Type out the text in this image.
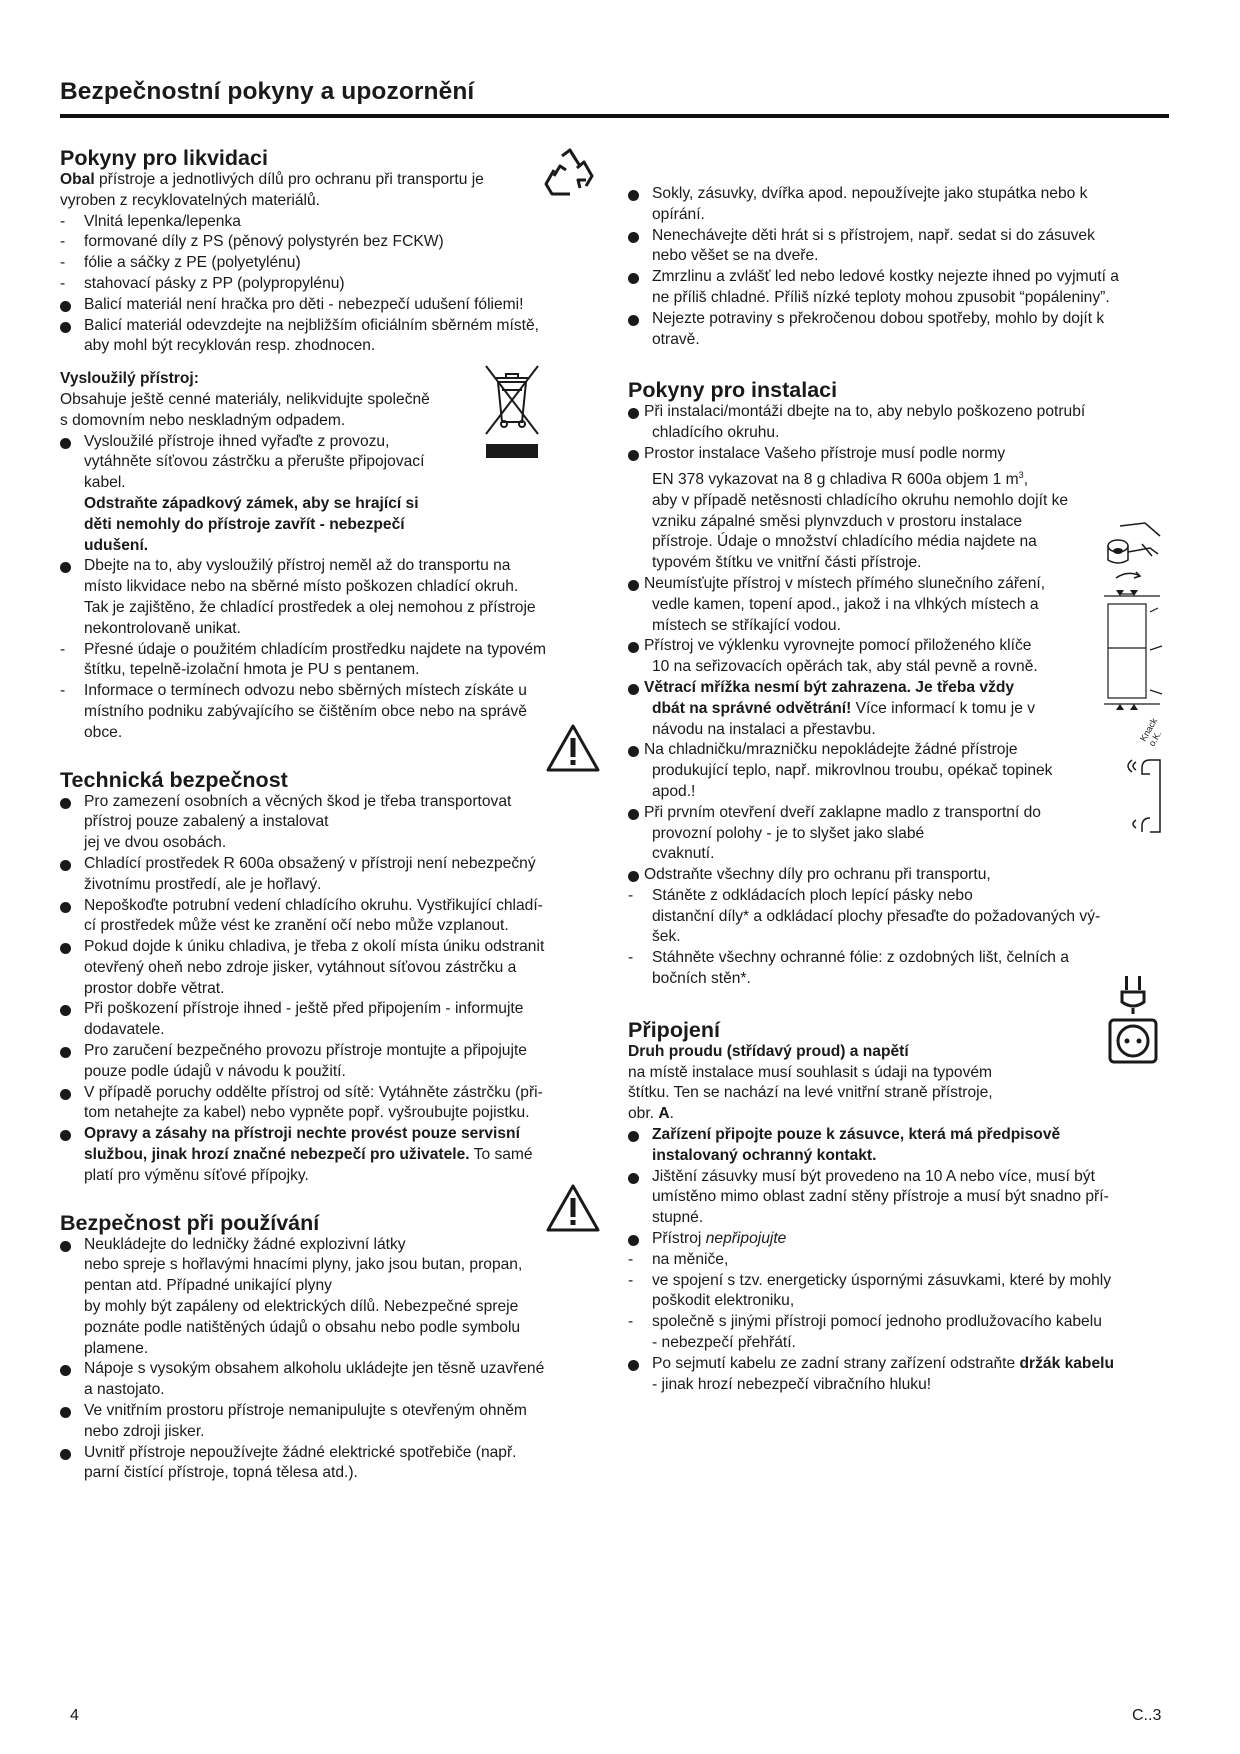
Bezpečnostní pokyny a upozornění
Pokyny pro likvidaci
Obal přístroje a jednotlivých dílů pro ochranu při transportu je
vyroben z recyklovatelných materiálů.
- Vlnitá lepenka/lepenka
- formované díly z PS (pěnový polystyrén bez FCKW)
- fólie a sáčky z PE (polyetylénu)
- stahovací pásky z PP (polypropylénu)
Balicí materiál není hračka pro děti - nebezpečí udušení fóliemi!
Balicí materiál odevzdejte na nejbližším oficiálním sběrném místě,
aby mohl být recyklován resp. zhodnocen.
Vysloužilý přístroj:
Obsahuje ještě cenné materiály, nelikvidujte společně
s domovním nebo neskladným odpadem.
Vysloužilé přístroje ihned vyřaďte z provozu,
vytáhněte síťovou zástrčku a přerušte připojovací
kabel.
Odstraňte západkový zámek, aby se hrající si
děti nemohly do přístroje zavřít - nebezpečí
udušení.
Dbejte na to, aby vysloužilý přístroj neměl až do transportu na
místo likvidace nebo na sběrné místo poškozen chladící okruh.
Tak je zajištěno, že chladící prostředek a olej nemohou z přístroje
nekontrolovaně unikat.
- Přesné údaje o použitém chladícím prostředku najdete na typovém
štítku, tepelně-izolační hmota je PU s pentanem.
- Informace o termínech odvozu nebo sběrných místech získáte u
místního podniku zabývajícího se čištěním obce nebo na správě
obce.
Technická bezpečnost
Pro zamezení osobních a věcných škod je třeba transportovat
přístroj pouze zabalený a instalovat
jej ve dvou osobách.
Chladící prostředek R 600a obsažený v přístroji není nebezpečný
životnímu prostředí, ale je hořlavý.
Nepoškoďte potrubní vedení chladícího okruhu. Vystřikující chladí-
cí prostředek může vést ke zranění očí nebo může vzplanout.
Pokud dojde k úniku chladiva, je třeba z okolí místa úniku odstranit
otevřený oheň nebo zdroje jisker, vytáhnout síťovou zástrčku a
prostor dobře větrat.
Při poškození přístroje ihned - ještě před připojením - informujte
dodavatele.
Pro zaručení bezpečného provozu přístroje montujte a připojujte
pouze podle údajů v návodu k použití.
V případě poruchy oddělte přístroj od sítě: Vytáhněte zástrčku (při-
tom netahejte za kabel) nebo vypněte popř. vyšroubujte pojistku.
Opravy a zásahy na přístroji nechte provést pouze servisní
službou, jinak hrozí značné nebezpečí pro uživatele. To samé
platí pro výměnu síťové přípojky.
Bezpečnost při používání
Neukládejte do ledničky žádné explozivní látky
nebo spreje s hořlavými hnacími plyny, jako jsou butan, propan,
pentan atd. Případné unikající plyny
by mohly být zapáleny od elektrických dílů. Nebezpečné spreje
poznáte podle natištěných údajů o obsahu nebo podle symbolu
plamene.
Nápoje s vysokým obsahem alkoholu ukládejte jen těsně uzavřené
a nastojato.
Ve vnitřním prostoru přístroje nemanipulujte s otevřeným ohněm
nebo zdroji jisker.
Uvnitř přístroje nepoužívejte žádné elektrické spotřebiče (např.
parní čistící přístroje, topná tělesa atd.).
Sokly, zásuvky, dvířka apod. nepoužívejte jako stupátka nebo k
opírání.
Nenechávejte děti hrát si s přístrojem, např. sedat si do zásuvek
nebo věšet se na dveře.
Zmrzlinu a zvlášť led nebo ledové kostky nejezte ihned po vyjmutí a
ne příliš chladné. Příliš nízké teploty mohou zpusobit “popáleniny”.
Nejezte potraviny s překročenou dobou spotřeby, mohlo by dojít k
otravě.
Pokyny pro instalaci
Při instalaci/montáži dbejte na to, aby nebylo poškozeno potrubí
chladícího okruhu.
Prostor instalace Vašeho přístroje musí podle normy
EN 378 vykazovat na 8 g chladiva R 600a objem 1 $m^3$,
aby v případě netěsnosti chladícího okruhu nemohlo dojít ke
vzniku zápalné směsi plynvzduch v prostoru instalace
přístroje. Údaje o množství chladícího média najdete na
typovém štítku ve vnitřní části přístroje.
Neumísťujte přístroj v místech přímého slunečního záření,
vedle kamen, topení apod., jakož i na vlhkých místech a
místech se stříkající vodou.
Přístroj ve výklenku vyrovnejte pomocí přiloženého klíče
10 na seřizovacích opěrách tak, aby stál pevně a rovně.
Větrací mřížka nesmí být zahrazena. Je třeba vždy
dbát na správné odvětrání! Více informací k tomu je v
návodu na instalaci a přestavbu.
Na chladničku/mrazničku nepokládejte žádné přístroje
produkující teplo, např. mikrovlnou troubu, opékač topinek
apod.!
Při prvním otevření dveří zaklapne madlo z transportní do
provozní polohy - je to slyšet jako slabé
cvaknutí.
Odstraňte všechny díly pro ochranu při transportu,
- Stáněte z odkládacích ploch lepící pásky nebo
distanční díly* a odkládací plochy přesaďte do požadovaných vý-
šek.
- Stáhněte všechny ochranné fólie: z ozdobných lišt, čelních a
bočních stěn*.
Připojení
Druh proudu (střídavý proud) a napětí
na místě instalace musí souhlasit s údaji na typovém
štítku. Ten se nachází na levé vnitřní straně přístroje,
obr. A.
Zařízení připojte pouze k zásuvce, která má předpisově
instalovaný ochranný kontakt.
Jištění zásuvky musí být provedeno na 10 A nebo více, musí být
umístěno mimo oblast zadní stěny přístroje a musí být snadno pří-
stupné.
Přístroj nepřipojujte
- na měniče,
- ve spojení s tzv. energeticky úspornými zásuvkami, které by mohly
poškodit elektroniku,
- společně s jinými přístroji pomocí jednoho prodlužovacího kabelu
- nebezpečí přehřátí.
Po sejmutí kabelu ze zadní strany zařízení odstraňte držák kabelu
- jinak hrozí nebezpečí vibračního hluku!
Knack o.K.
4	C..3
